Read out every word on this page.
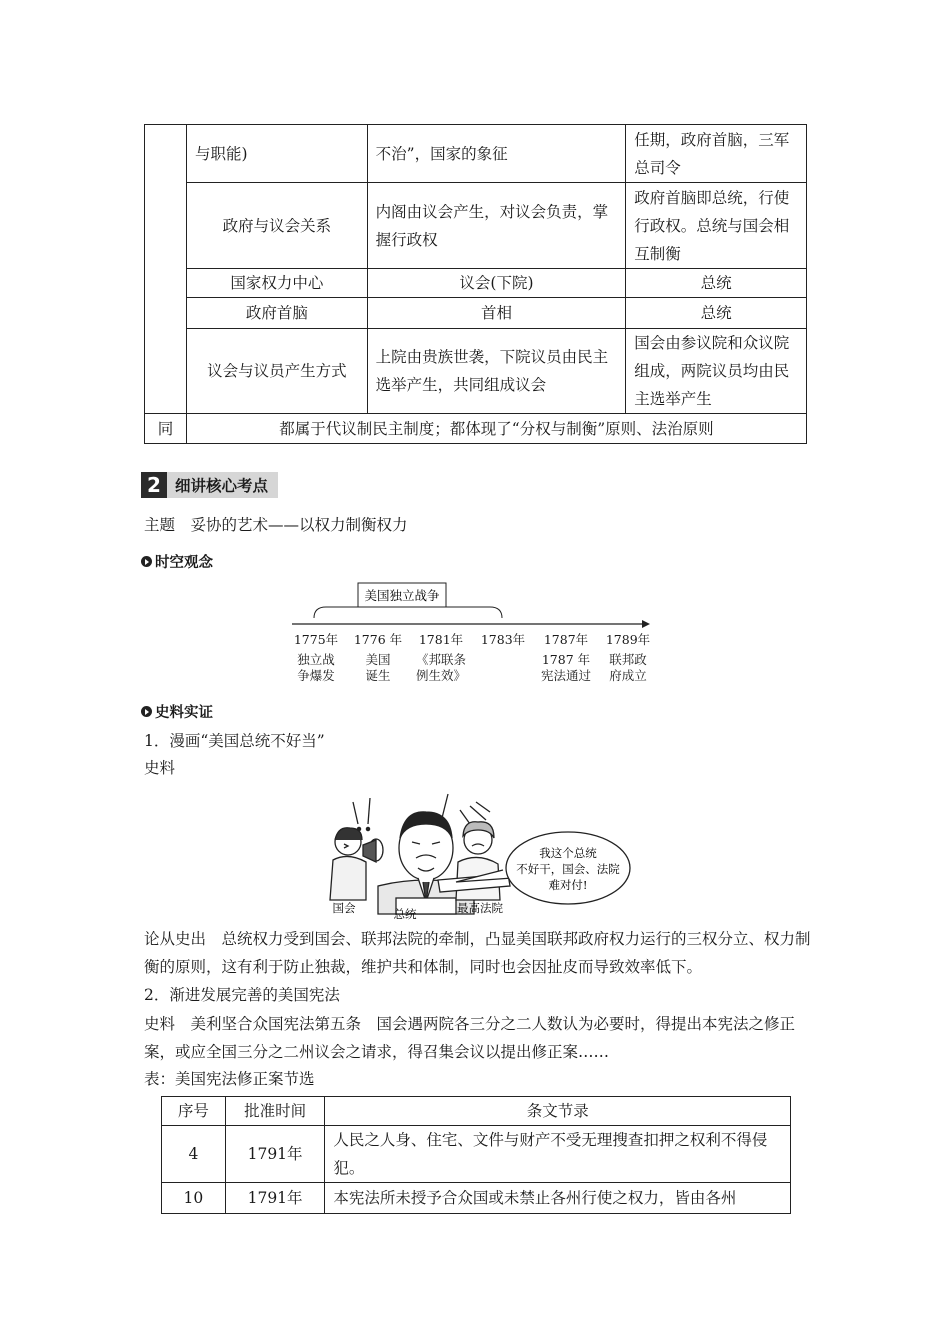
	与职能)	不治”，国家的象征	任期，政府首脑，三军总司令
	政府与议会关系	内阁由议会产生，对议会负责，掌握行政权	政府首脑即总统，行使行政权。总统与国会相互制衡
	国家权力中心	议会(下院)	总统
	政府首脑	首相	总统
	议会与议员产生方式	上院由贵族世袭，下院议员由民主选举产生，共同组成议会	国会由参议院和众议院组成，两院议员均由民主选举产生
同	都属于代议制民主制度；都体现了“分权与制衡”原则、法治原则		
2 细讲核心考点
主题　妥协的艺术——以权力制衡权力
时空观念
美国独立战争
1775年
独立战
争爆发
1776 年
美国
诞生
1781年
《邦联条
例生效》
1783年	1787年
1787 年
宪法通过
1789年
联邦政
府成立
史料实证
1．漫画“美国总统不好当”
史料
我这个总统
不好干，国会、法院
难对付!
国会	总统	最高法院
论从史出　总统权力受到国会、联邦法院的牵制，凸显美国联邦政府权力运行的三权分立、权力制衡的原则，这有利于防止独裁，维护共和体制，同时也会因扯皮而导致效率低下。
2．渐进发展完善的美国宪法
史料　美利坚合众国宪法第五条　国会遇两院各三分之二人数认为必要时，得提出本宪法之修正案，或应全国三分之二州议会之请求，得召集会议以提出修正案……
表：美国宪法修正案节选
序号	批准时间	条文节录
4	1791年	人民之人身、住宅、文件与财产不受无理搜查扣押之权利不得侵犯。
10	1791年	本宪法所未授予合众国或未禁止各州行使之权力，皆由各州
